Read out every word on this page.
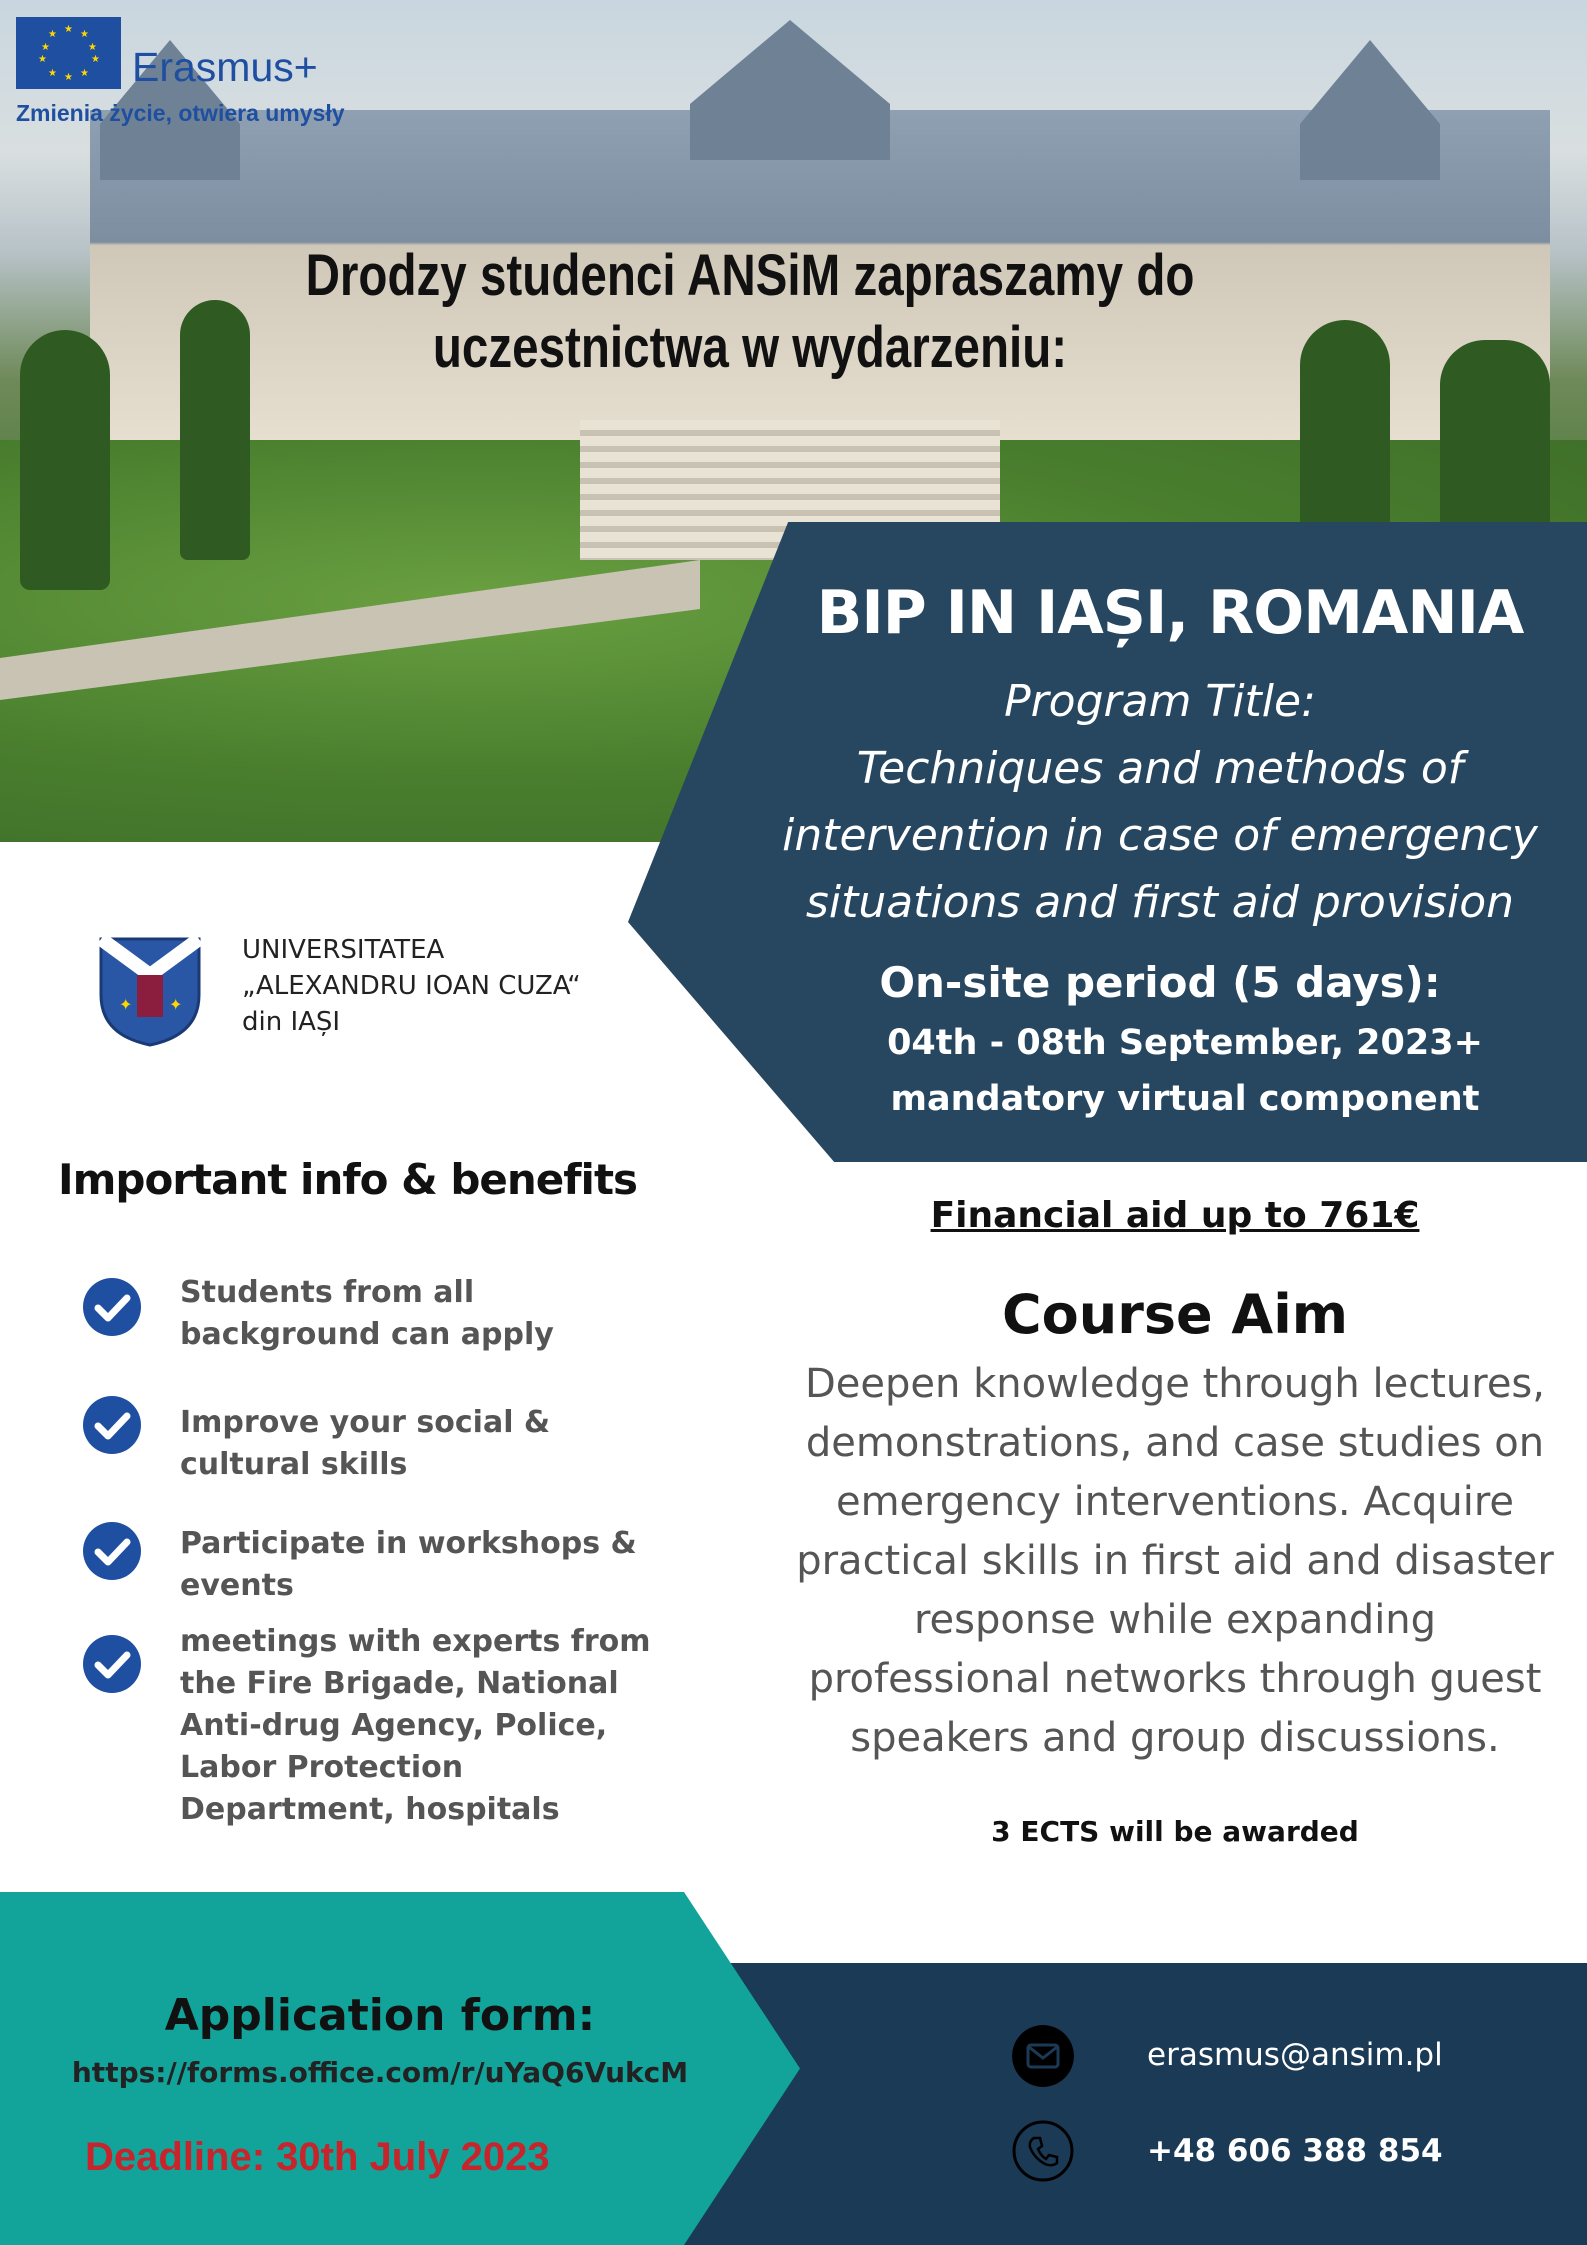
★ ★
★
★
★
★
★
★
★
★
Erasmus+
Zmienia życie, otwiera umysły
Drodzy studenci ANSiM zapraszamy do
uczestnictwa w wydarzeniu:
BIP IN IAȘI, ROMANIA
Program Title:
Techniques and methods of
intervention in case of emergency
situations and first aid provision
On-site period (5 days):
04th - 08th September, 2023+
mandatory virtual component
✦ ✦
UNIVERSITATEA
„ALEXANDRU IOAN CUZA“
din IAȘI
Important info & benefits
Students from all background can apply
Improve your social & cultural skills
Participate in workshops & events
meetings with experts from the Fire Brigade, National Anti-drug Agency, Police, Labor Protection Department, hospitals
Financial aid up to 761€
Course Aim
Deepen knowledge through lectures, demonstrations, and case studies on emergency interventions. Acquire practical skills in first aid and disaster response while expanding professional networks through guest speakers and group discussions.
3 ECTS will be awarded
Application form:
https://forms.office.com/r/uYaQ6VukcM
Deadline: 30th July 2023
erasmus@ansim.pl
+48 606 388 854
